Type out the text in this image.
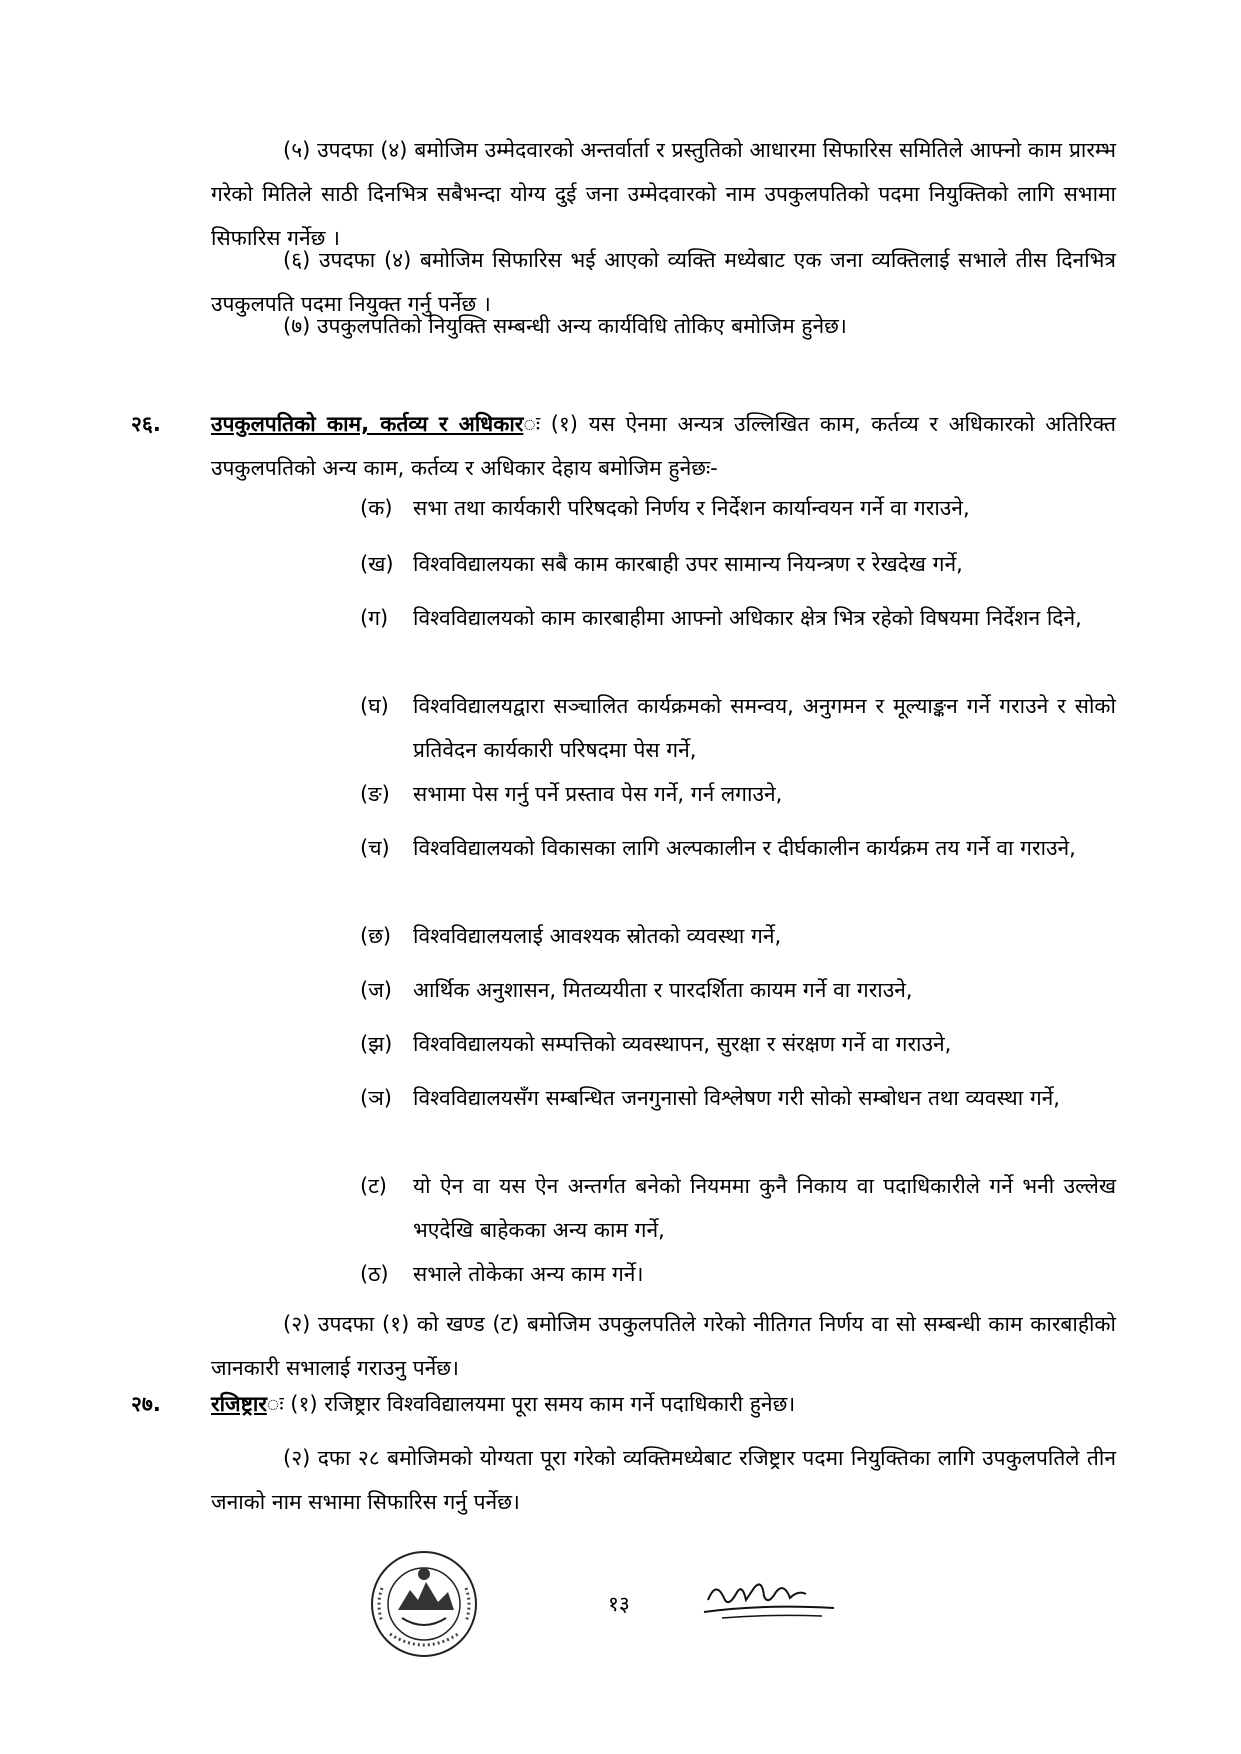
(५) उपदफा (४) बमोजिम उम्मेदवारको अन्तर्वार्ता र प्रस्तुतिको आधारमा सिफारिस समितिले आफ्नो काम प्रारम्भ गरेको मितिले साठी दिनभित्र सबैभन्दा योग्य दुई जना उम्मेदवारको नाम उपकुलपतिको पदमा नियुक्तिको लागि सभामा सिफारिस गर्नेछ ।

(६) उपदफा (४) बमोजिम सिफारिस भई आएको व्यक्ति मध्येबाट एक जना व्यक्तिलाई सभाले तीस दिनभित्र उपकुलपति पदमा नियुक्त गर्नु पर्नेछ ।

(७) उपकुलपतिको नियुक्ति सम्बन्धी अन्य कार्यविधि तोकिए बमोजिम हुनेछ।

२६. उपकुलपतिको काम, कर्तव्य र अधिकारः (१) यस ऐनमा अन्यत्र उल्लिखित काम, कर्तव्य र अधिकारको अतिरिक्त उपकुलपतिको अन्य काम, कर्तव्य र अधिकार देहाय बमोजिम हुनेछः-

(क) सभा तथा कार्यकारी परिषदको निर्णय र निर्देशन कार्यान्वयन गर्ने वा गराउने,
(ख) विश्वविद्यालयका सबै काम कारबाही उपर सामान्य नियन्त्रण र रेखदेख गर्ने,
(ग)	विश्वविद्यालयको काम कारबाहीमा आफ्नो अधिकार क्षेत्र भित्र रहेको विषयमा निर्देशन दिने,
(घ)	विश्वविद्यालयद्वारा सञ्चालित कार्यक्रमको समन्वय, अनुगमन र मूल्याङ्कन गर्ने गराउने र सोको प्रतिवेदन कार्यकारी परिषदमा पेस गर्ने,
(ङ)	सभामा पेस गर्नु पर्ने प्रस्ताव पेस गर्ने, गर्न लगाउने,
(च)	विश्वविद्यालयको विकासका लागि अल्पकालीन र दीर्घकालीन कार्यक्रम तय गर्ने वा गराउने,
(छ)	विश्वविद्यालयलाई आवश्यक स्रोतको व्यवस्था गर्ने,
(ज)	आर्थिक अनुशासन, मितव्ययीता र पारदर्शिता कायम गर्ने वा गराउने,
(झ) विश्वविद्यालयको सम्पत्तिको व्यवस्थापन, सुरक्षा र संरक्षण गर्ने वा गराउने,
(ञ)	विश्वविद्यालयसँग सम्बन्धित जनगुनासो विश्लेषण गरी सोको सम्बोधन तथा व्यवस्था गर्ने,
(ट)	यो ऐन वा यस ऐन अन्तर्गत बनेको नियममा कुनै निकाय वा पदाधिकारीले गर्ने भनी उल्लेख भएदेखि बाहेकका अन्य काम गर्ने,
(ठ)	सभाले तोकेका अन्य काम गर्ने।

(२) उपदफा (१) को खण्ड (ट) बमोजिम उपकुलपतिले गरेको नीतिगत निर्णय वा सो सम्बन्धी काम कारबाहीको जानकारी सभालाई गराउनु पर्नेछ।

२७. रजिष्ट्रारः (१) रजिष्ट्रार विश्वविद्यालयमा पूरा समय काम गर्ने पदाधिकारी हुनेछ।

(२) दफा २८ बमोजिमको योग्यता पूरा गरेको व्यक्तिमध्येबाट रजिष्ट्रार पदमा नियुक्तिका लागि उपकुलपतिले तीन जनाको नाम सभामा सिफारिस गर्नु पर्नेछ।

१३
